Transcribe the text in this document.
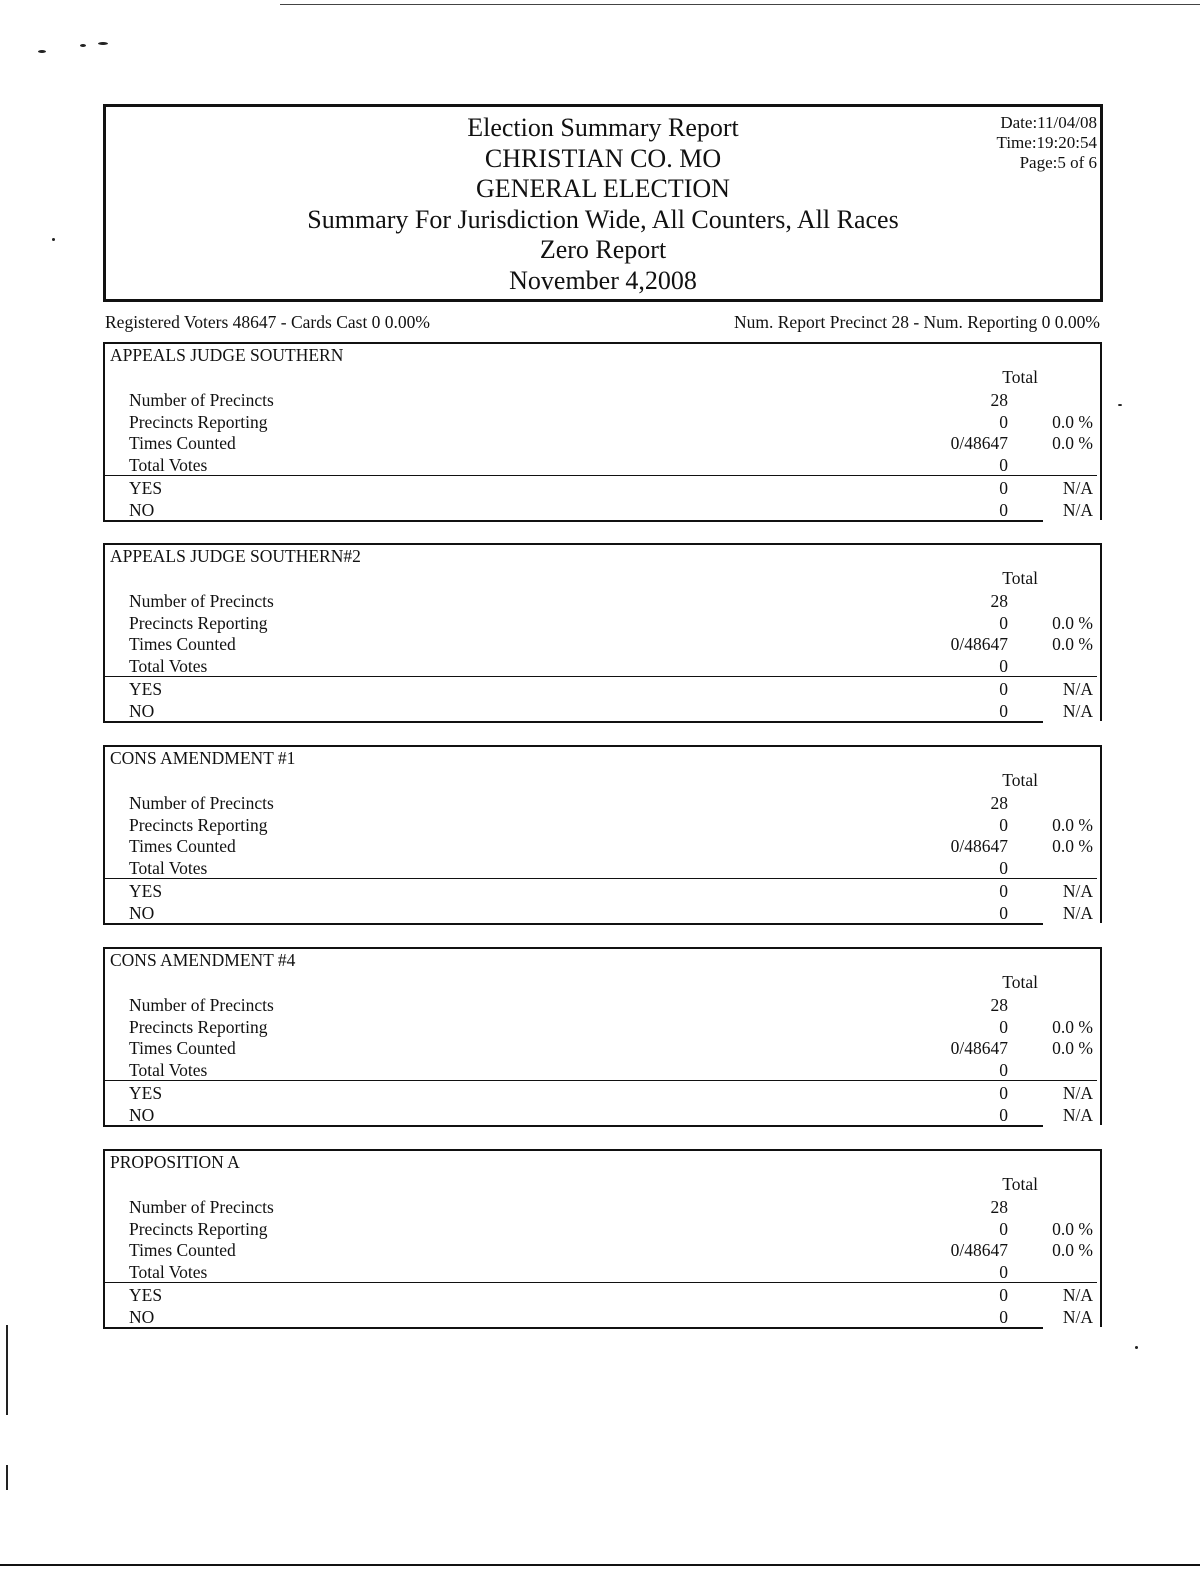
Election Summary Report
CHRISTIAN CO. MO
GENERAL ELECTION
Summary For Jurisdiction Wide, All Counters, All Races
Zero Report
November 4,2008
Date:11/04/08
Time:19:20:54
Page:5 of 6
Registered Voters 48647 - Cards Cast 0 0.00%	Num. Report Precinct 28 - Num. Reporting 0 0.00%
APPEALS JUDGE SOUTHERN
Total
Number of Precincts	28
Precincts Reporting	0	0.0 %
Times Counted	0/48647	0.0 %
Total Votes	0
YES	0	N/A
NO	0	N/A
APPEALS JUDGE SOUTHERN#2
Total
Number of Precincts	28
Precincts Reporting	0	0.0 %
Times Counted	0/48647	0.0 %
Total Votes	0
YES	0	N/A
NO	0	N/A
CONS AMENDMENT #1
Total
Number of Precincts	28
Precincts Reporting	0	0.0 %
Times Counted	0/48647	0.0 %
Total Votes	0
YES	0	N/A
NO	0	N/A
CONS AMENDMENT #4
Total
Number of Precincts	28
Precincts Reporting	0	0.0 %
Times Counted	0/48647	0.0 %
Total Votes	0
YES	0	N/A
NO	0	N/A
PROPOSITION A
Total
Number of Precincts	28
Precincts Reporting	0	0.0 %
Times Counted	0/48647	0.0 %
Total Votes	0
YES	0	N/A
NO	0	N/A
